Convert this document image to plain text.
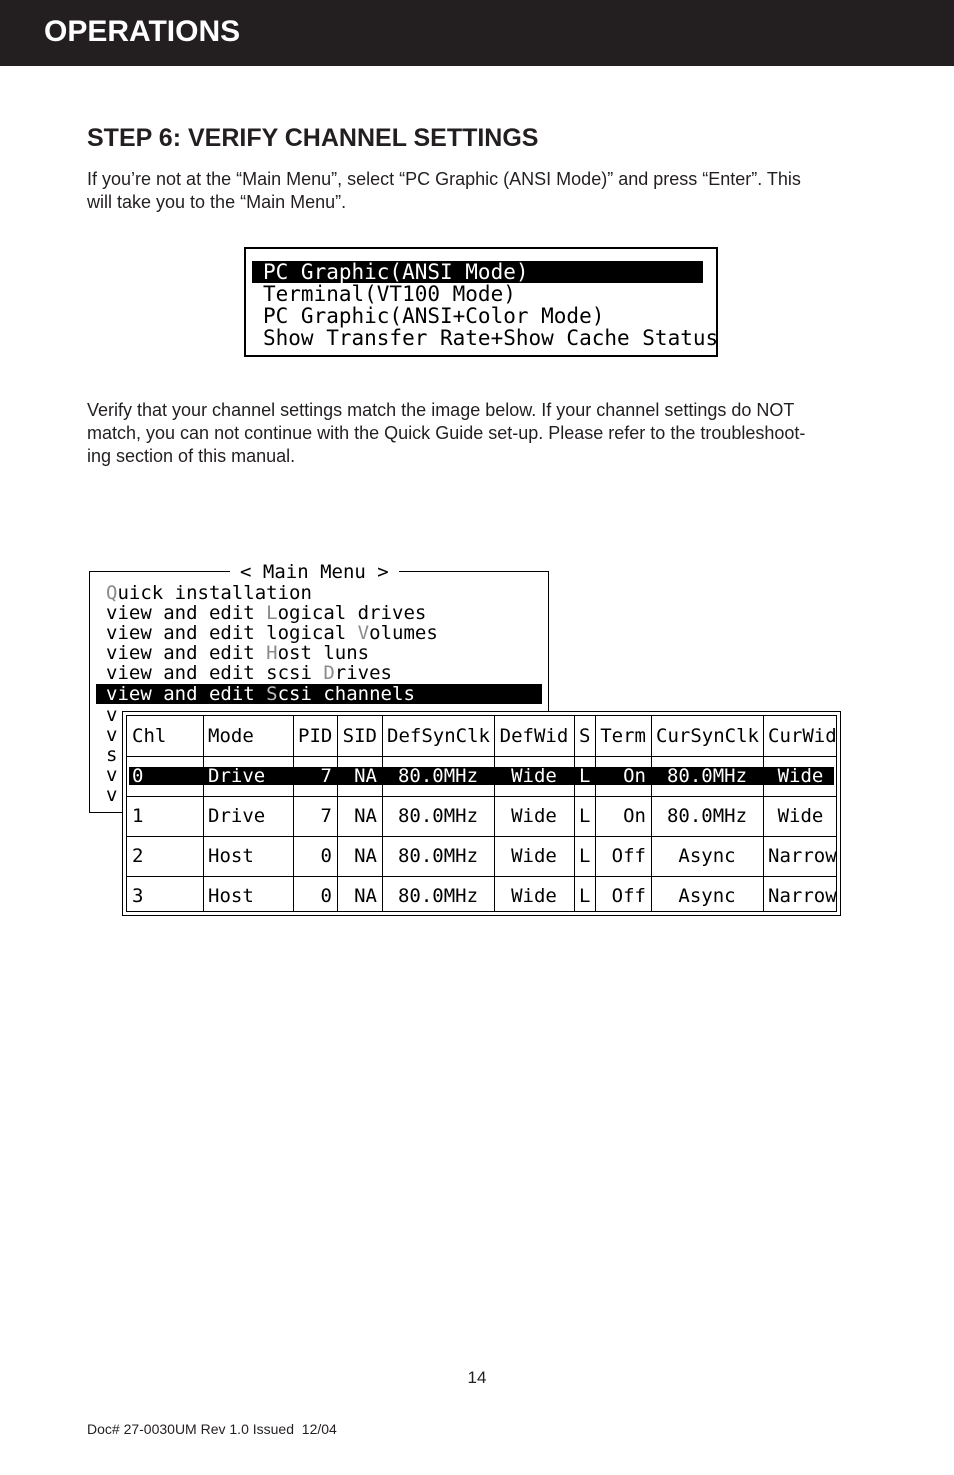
OPERATIONS
STEP 6: VERIFY CHANNEL SETTINGS
If you’re not at the “Main Menu”, select “PC Graphic (ANSI Mode)” and press “Enter”. This
will take you to the “Main Menu”.
PC Graphic(ANSI Mode)
Terminal(VT100 Mode)
PC Graphic(ANSI+Color Mode)
Show Transfer Rate+Show Cache Status
Verify that your channel settings match the image below. If your channel settings do NOT
match, you can not continue with the Quick Guide set-up. Please refer to the troubleshoot-
ing section of this manual.
< Main Menu >
Quick installation
view and edit Logical drives
view and edit logical Volumes
view and edit Host luns
view and edit scsi Drives
view and edit Scsi channels
v
v
s
v
v
Chl	Mode	PID SID DefSynClk DefWid S Term CurSynClk CurWid
0	Drive	7	NA	80.0MHz	Wide	L	On	80.0MHz	Wide
1	Drive	7	NA	80.0MHz	Wide	L	On	80.0MHz	Wide
2	Host	0	NA	80.0MHz	Wide	L	Off	Async	Narrow
3	Host	0	NA	80.0MHz	Wide	L	Off	Async	Narrow
14
Doc# 27-0030UM Rev 1.0 Issued  12/04
